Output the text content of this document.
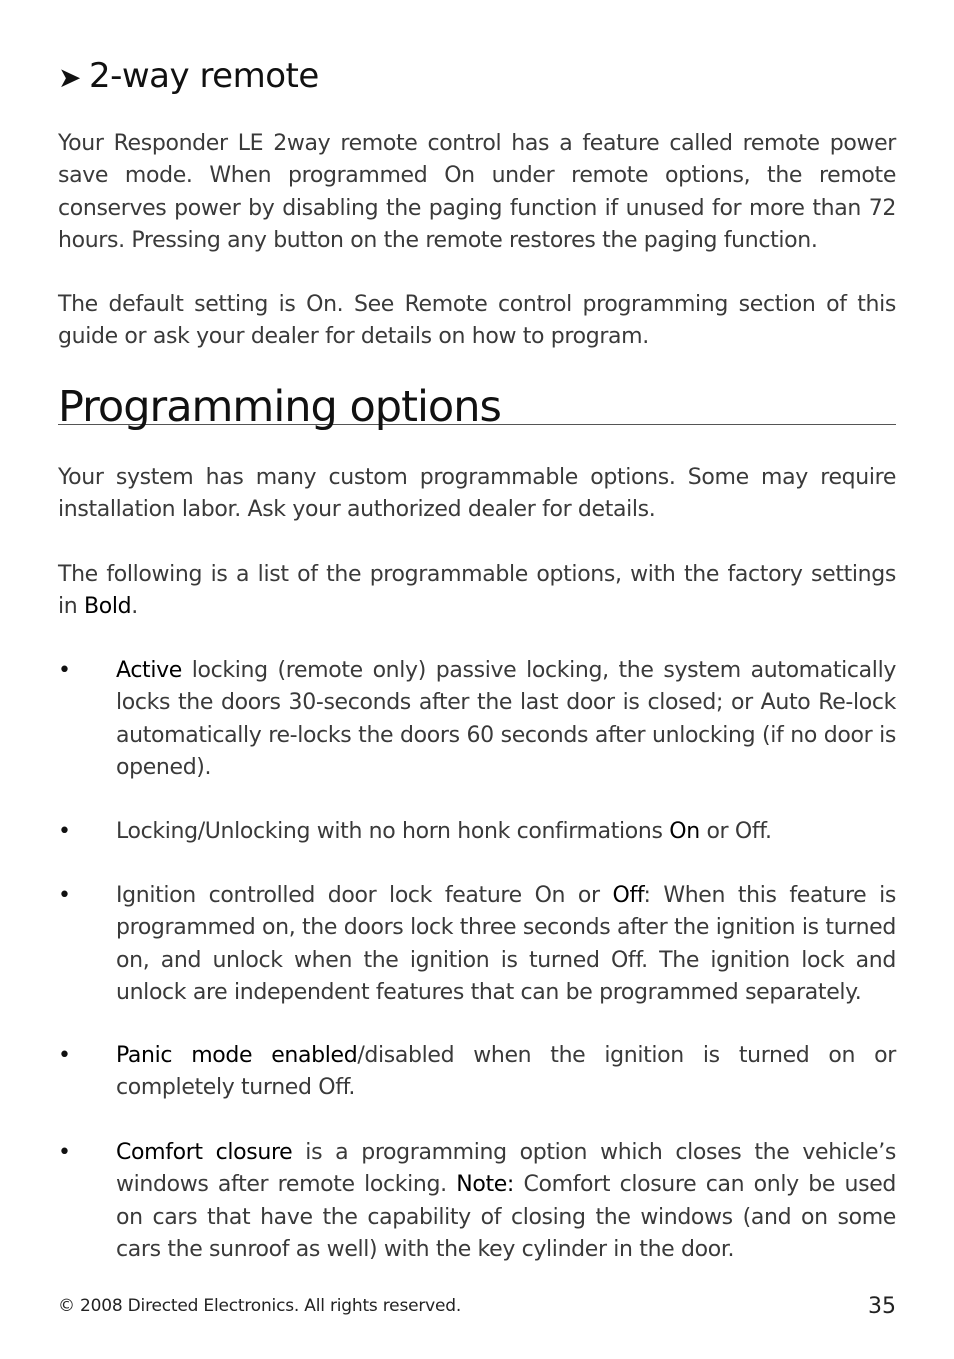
➤ 2-way remote

Your Responder LE 2way remote control has a feature called remote power save mode. When programmed On under remote options, the remote conserves power by disabling the paging function if unused for more than 72 hours. Pressing any button on the remote restores the paging function.

The default setting is On. See Remote control programming section of this guide or ask your dealer for details on how to program.

Programming options

Your system has many custom programmable options. Some may require installation labor. Ask your authorized dealer for details.

The following is a list of the programmable options, with the factory settings in Bold.

• Active locking (remote only) passive locking, the system automatically locks the doors 30-seconds after the last door is closed; or Auto Re-lock automatically re-locks the doors 60 seconds after unlocking (if no door is opened).

• Locking/Unlocking with no horn honk confirmations On or Off.

• Ignition controlled door lock feature On or Off: When this feature is programmed on, the doors lock three seconds after the ignition is turned on, and unlock when the ignition is turned Off. The ignition lock and unlock are independent features that can be programmed separately.

• Panic mode enabled/disabled when the ignition is turned on or completely turned Off.

• Comfort closure is a programming option which closes the vehicle’s windows after remote locking. Note: Comfort closure can only be used on cars that have the capability of closing the windows (and on some cars the sunroof as well) with the key cylinder in the door.

© 2008 Directed Electronics. All rights reserved.	35
